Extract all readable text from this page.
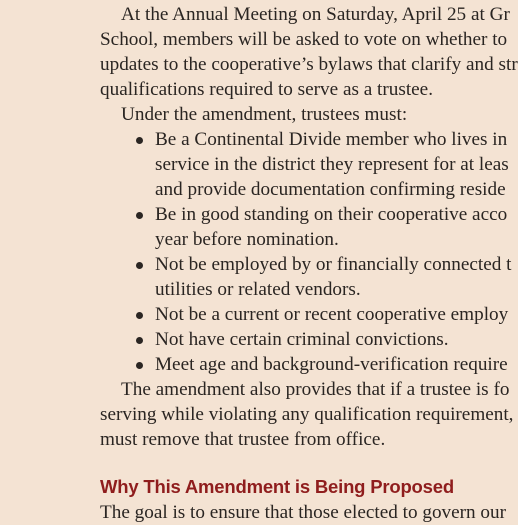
At the Annual Meeting on Saturday, April 25 at Gr
School, members will be asked to vote on whether to
updates to the cooperative’s bylaws that clarify and str
qualifications required to serve as a trustee.
Under the amendment, trustees must:
Be a Continental Divide member who lives in
service in the district they represent for at leas
and provide documentation confirming reside
Be in good standing on their cooperative acco
year before nomination.
Not be employed by or financially connected t
utilities or related vendors.
Not be a current or recent cooperative employ
Not have certain criminal convictions.
Meet age and background-verification require
The amendment also provides that if a trustee is fo
serving while violating any qualification requirement,
must remove that trustee from office.
Why This Amendment is Being Proposed
The goal is to ensure that those elected to govern our
